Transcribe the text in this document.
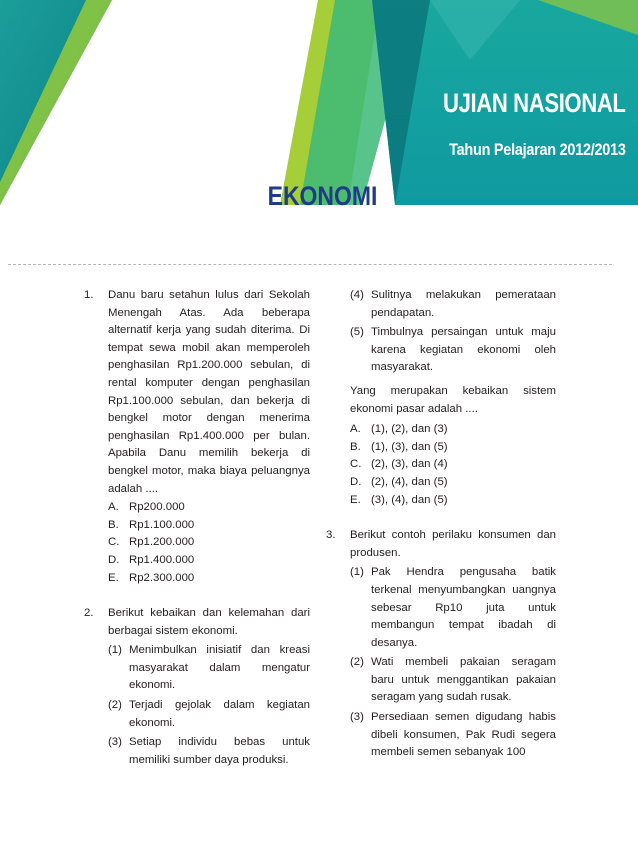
UJIAN NASIONAL
Tahun Pelajaran 2012/2013
EKONOMI
1. Danu baru setahun lulus dari Sekolah Menengah Atas. Ada beberapa alternatif kerja yang sudah diterima. Di tempat sewa mobil akan memperoleh penghasilan Rp1.200.000 sebulan, di rental komputer dengan penghasilan Rp1.100.000 sebulan, dan bekerja di bengkel motor dengan menerima penghasilan Rp1.400.000 per bulan. Apabila Danu memilih bekerja di bengkel motor, maka biaya peluangnya adalah ....
A. Rp200.000
B. Rp1.100.000
C. Rp1.200.000
D. Rp1.400.000
E. Rp2.300.000
2. Berikut kebaikan dan kelemahan dari berbagai sistem ekonomi.
(1) Menimbulkan inisiatif dan kreasi masyarakat dalam mengatur ekonomi.
(2) Terjadi gejolak dalam kegiatan ekonomi.
(3) Setiap individu bebas untuk memiliki sumber daya produksi.
(4) Sulitnya melakukan pemerataan pendapatan.
(5) Timbulnya persaingan untuk maju karena kegiatan ekonomi oleh masyarakat.
Yang merupakan kebaikan sistem ekonomi pasar adalah ....
A. (1), (2), dan (3)
B. (1), (3), dan (5)
C. (2), (3), dan (4)
D. (2), (4), dan (5)
E. (3), (4), dan (5)
3. Berikut contoh perilaku konsumen dan produsen.
(1) Pak Hendra pengusaha batik terkenal menyumbangkan uangnya sebesar Rp10 juta untuk membangun tempat ibadah di desanya.
(2) Wati membeli pakaian seragam baru untuk menggantikan pakaian seragam yang sudah rusak.
(3) Persediaan semen digudang habis dibeli konsumen, Pak Rudi segera membeli semen sebanyak 100
